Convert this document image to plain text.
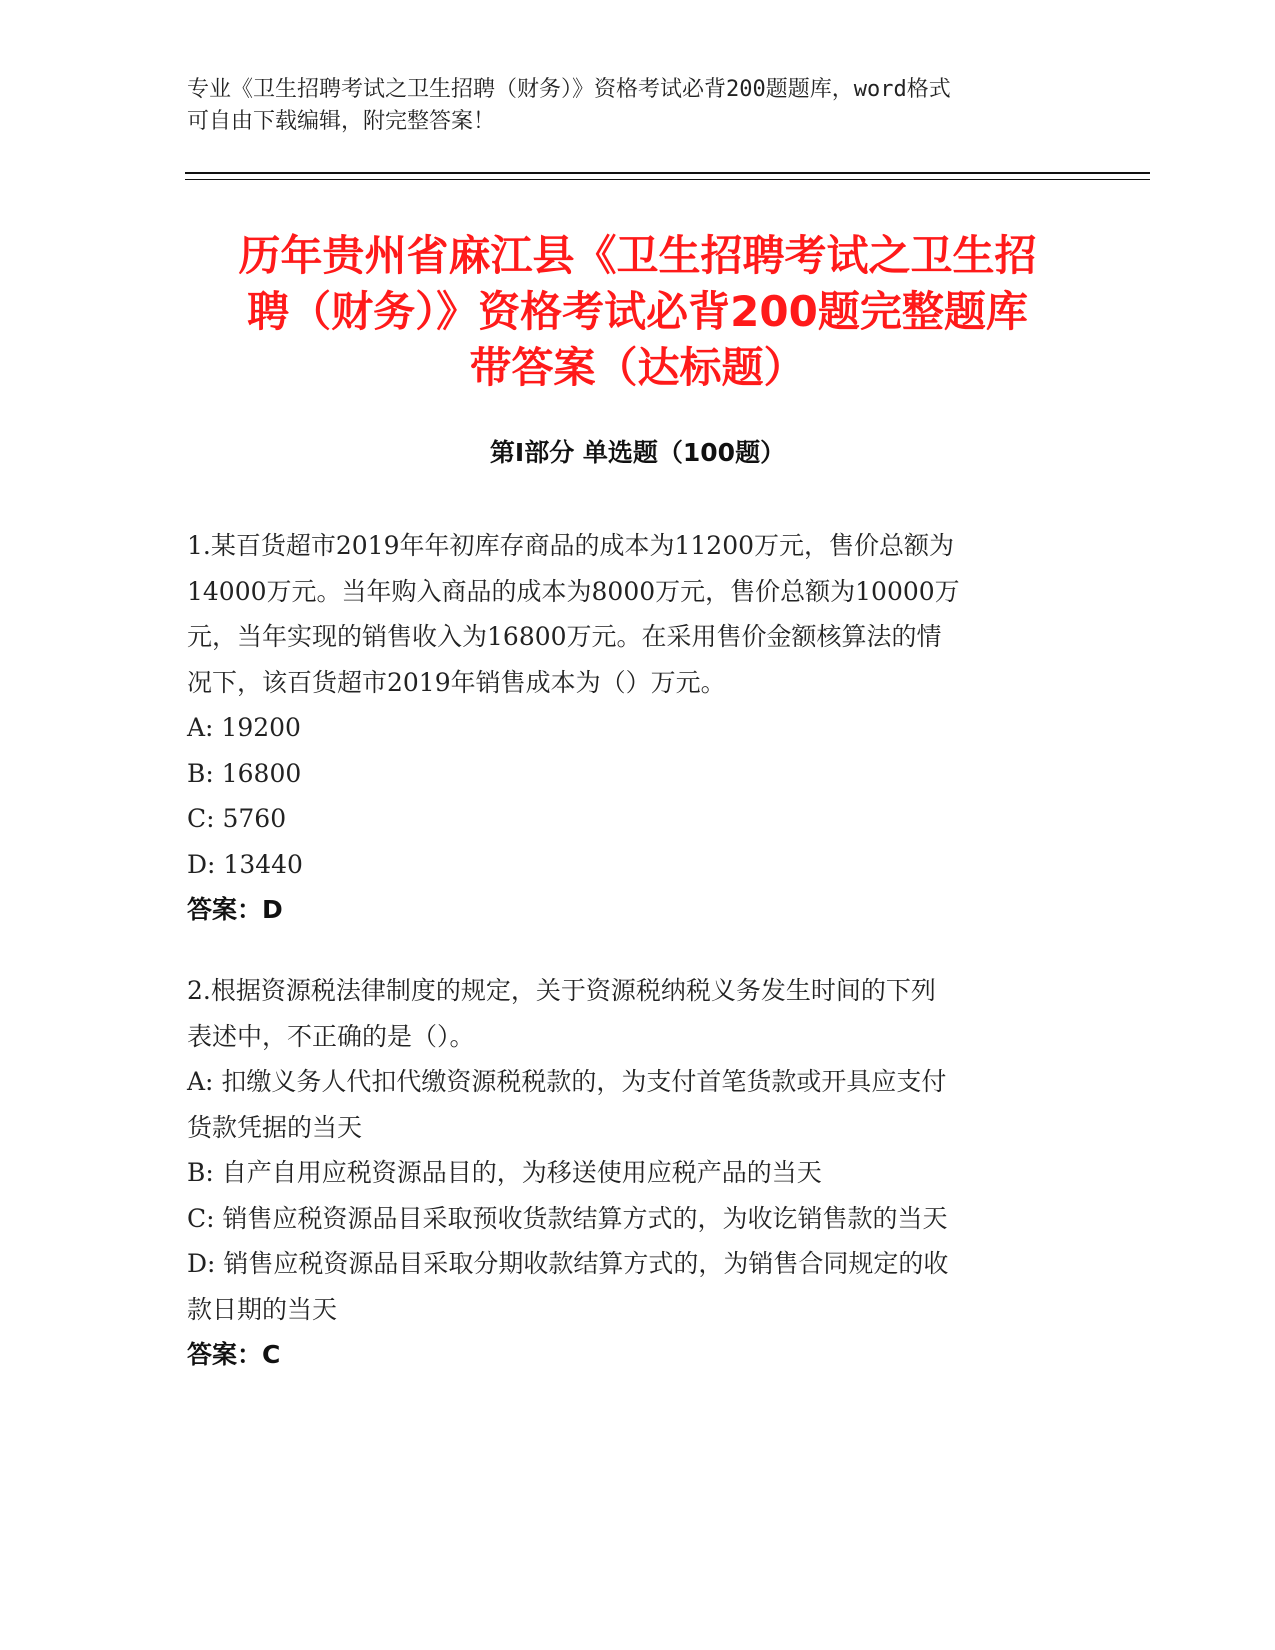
专业《卫生招聘考试之卫生招聘（财务）》资格考试必背200题题库，word格式
可自由下载编辑，附完整答案！
历年贵州省麻江县《卫生招聘考试之卫生招
聘（财务）》资格考试必背200题完整题库
带答案（达标题）
第Ⅰ部分 单选题（100题）

1.某百货超市2019年年初库存商品的成本为11200万元，售价总额为
14000万元。当年购入商品的成本为8000万元，售价总额为10000万
元，当年实现的销售收入为16800万元。在采用售价金额核算法的情
况下，该百货超市2019年销售成本为（）万元。

A: 19200
B: 16800
C: 5760
D: 13440
答案：D

2.根据资源税法律制度的规定，关于资源税纳税义务发生时间的下列
表述中，不正确的是（）。

A: 扣缴义务人代扣代缴资源税税款的，为支付首笔货款或开具应支付
货款凭据的当天
B: 自产自用应税资源品目的，为移送使用应税产品的当天
C: 销售应税资源品目采取预收货款结算方式的，为收讫销售款的当天
D: 销售应税资源品目采取分期收款结算方式的，为销售合同规定的收
款日期的当天
答案：C
